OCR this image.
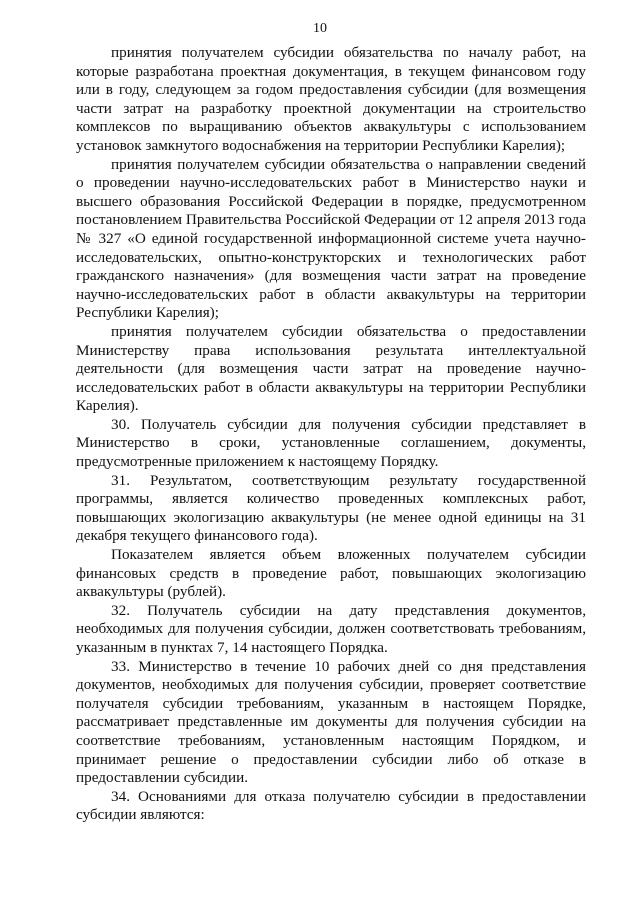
10

принятия получателем субсидии обязательства по началу работ, на которые разработана проектная документация, в текущем финансовом году или в году, следующем за годом предоставления субсидии (для возмещения части затрат на разработку проектной документации на строительство комплексов по выращиванию объектов аквакультуры с использованием установок замкнутого водоснабжения на территории Республики Карелия);

принятия получателем субсидии обязательства о направлении сведений о проведении научно-исследовательских работ в Министерство науки и высшего образования Российской Федерации в порядке, предусмотренном постановлением Правительства Российской Федерации от 12 апреля 2013 года № 327 «О единой государственной информационной системе учета научно-исследовательских, опытно-конструкторских и технологических работ гражданского назначения» (для возмещения части затрат на проведение научно-исследовательских работ в области аквакультуры на территории Республики Карелия);

принятия получателем субсидии обязательства о предоставлении Министерству права использования результата интеллектуальной деятельности (для возмещения части затрат на проведение научно-исследовательских работ в области аквакультуры на территории Республики Карелия).

30. Получатель субсидии для получения субсидии представляет в Министерство в сроки, установленные соглашением, документы, предусмотренные приложением к настоящему Порядку.

31. Результатом, соответствующим результату государственной программы, является количество проведенных комплексных работ, повышающих экологизацию аквакультуры (не менее одной единицы на 31 декабря текущего финансового года).

Показателем является объем вложенных получателем субсидии финансовых средств в проведение работ, повышающих экологизацию аквакультуры (рублей).

32. Получатель субсидии на дату представления документов, необходимых для получения субсидии, должен соответствовать требованиям, указанным в пунктах 7, 14 настоящего Порядка.

33. Министерство в течение 10 рабочих дней со дня представления документов, необходимых для получения субсидии, проверяет соответствие получателя субсидии требованиям, указанным в настоящем Порядке, рассматривает представленные им документы для получения субсидии на соответствие требованиям, установленным настоящим Порядком, и принимает решение о предоставлении субсидии либо об отказе в предоставлении субсидии.

34. Основаниями для отказа получателю субсидии в предоставлении субсидии являются:
